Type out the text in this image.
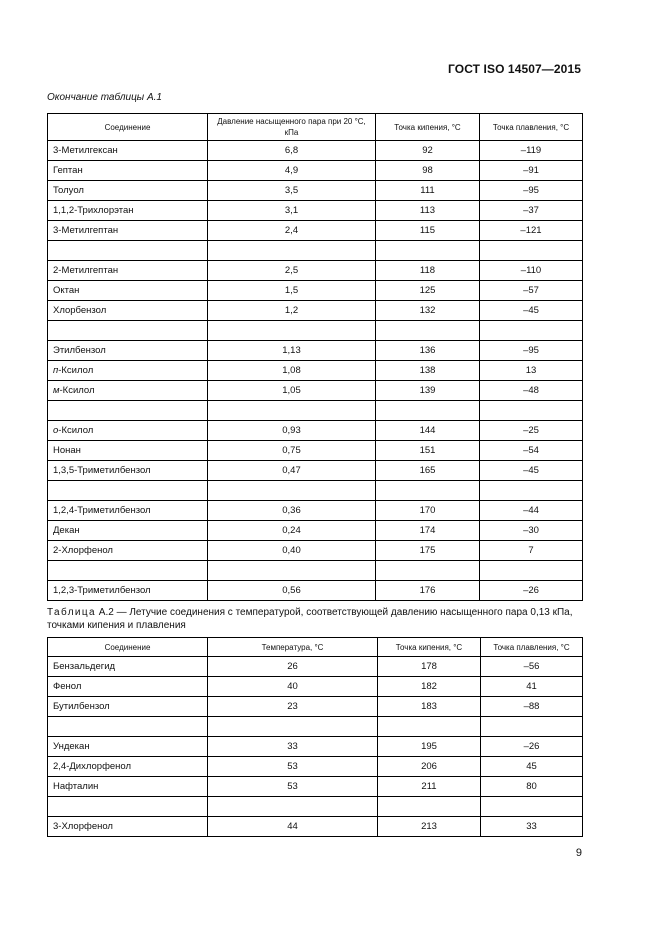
ГОСТ ISO 14507—2015
Окончание таблицы А.1
Соединение	Давление насыщенного пара при 20 °С, кПа	Точка кипения, °С	Точка плавления, °С
3-Метилгексан	6,8	92	–119
Гептан	4,9	98	–91
Толуол	3,5	111	–95
1,1,2-Трихлорэтан	3,1	113	–37
3-Метилгептан	2,4	115	–121

2-Метилгептан	2,5	118	–110
Октан	1,5	125	–57
Хлорбензол	1,2	132	–45

Этилбензол	1,13	136	–95
п-Ксилол	1,08	138	13
м-Ксилол	1,05	139	–48

о-Ксилол	0,93	144	–25
Нонан	0,75	151	–54
1,3,5-Триметилбензол	0,47	165	–45

1,2,4-Триметилбензол	0,36	170	–44
Декан	0,24	174	–30
2-Хлорфенол	0,40	175	7

1,2,3-Триметилбензол	0,56	176	–26
Таблица А.2 — Летучие соединения с температурой, соответствующей давлению насыщенного пара 0,13 кПа, точками кипения и плавления
Соединение	Температура, °С	Точка кипения, °С	Точка плавления, °С
Бензальдегид	26	178	–56
Фенол	40	182	41
Бутилбензол	23	183	–88

Ундекан	33	195	–26
2,4-Дихлорфенол	53	206	45
Нафталин	53	211	80

3-Хлорфенол	44	213	33
9
